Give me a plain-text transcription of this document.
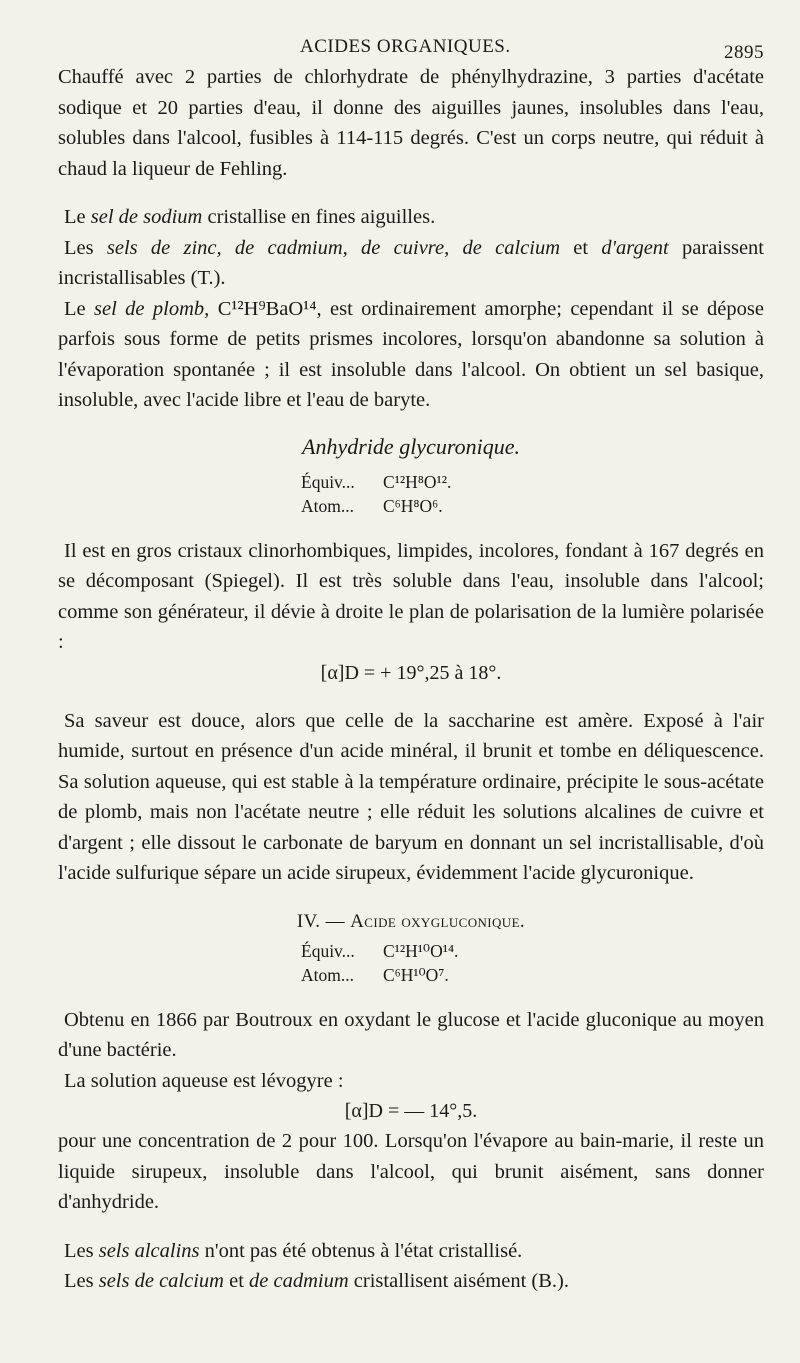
ACIDES ORGANIQUES.	2895

Chauffé avec 2 parties de chlorhydrate de phénylhydrazine, 3 parties d'acétate sodique et 20 parties d'eau, il donne des aiguilles jaunes, insolubles dans l'eau, solubles dans l'alcool, fusibles à 114-115 degrés. C'est un corps neutre, qui réduit à chaud la liqueur de Fehling.

Le sel de sodium cristallise en fines aiguilles.

Les sels de zinc, de cadmium, de cuivre, de calcium et d'argent paraissent incristallisables (T.).

Le sel de plomb, C¹²H⁹BaO¹⁴, est ordinairement amorphe; cependant il se dépose parfois sous forme de petits prismes incolores, lorsqu'on abandonne sa solution à l'évaporation spontanée ; il est insoluble dans l'alcool. On obtient un sel basique, insoluble, avec l'acide libre et l'eau de baryte.

Anhydride glycuronique.
Équiv... C¹²H⁸O¹².
Atom... C⁶H⁸O⁶.

Il est en gros cristaux clinorhombiques, limpides, incolores, fondant à 167 degrés en se décomposant (Spiegel). Il est très soluble dans l'eau, insoluble dans l'alcool; comme son générateur, il dévie à droite le plan de polarisation de la lumière polarisée :

[α]D = + 19°,25 à 18°.

Sa saveur est douce, alors que celle de la saccharine est amère. Exposé à l'air humide, surtout en présence d'un acide minéral, il brunit et tombe en déliquescence. Sa solution aqueuse, qui est stable à la température ordinaire, précipite le sous-acétate de plomb, mais non l'acétate neutre ; elle réduit les solutions alcalines de cuivre et d'argent ; elle dissout le carbonate de baryum en donnant un sel incristallisable, d'où l'acide sulfurique sépare un acide sirupeux, évidemment l'acide glycuronique.

IV. — Acide oxygluconique.
Équiv... C¹²H¹⁰O¹⁴.
Atom... C⁶H¹⁰O⁷.

Obtenu en 1866 par Boutroux en oxydant le glucose et l'acide gluconique au moyen d'une bactérie.

La solution aqueuse est lévogyre :

[α]D = — 14°,5.

pour une concentration de 2 pour 100. Lorsqu'on l'évapore au bain-marie, il reste un liquide sirupeux, insoluble dans l'alcool, qui brunit aisément, sans donner d'anhydride.

Les sels alcalins n'ont pas été obtenus à l'état cristallisé.

Les sels de calcium et de cadmium cristallisent aisément (B.).
